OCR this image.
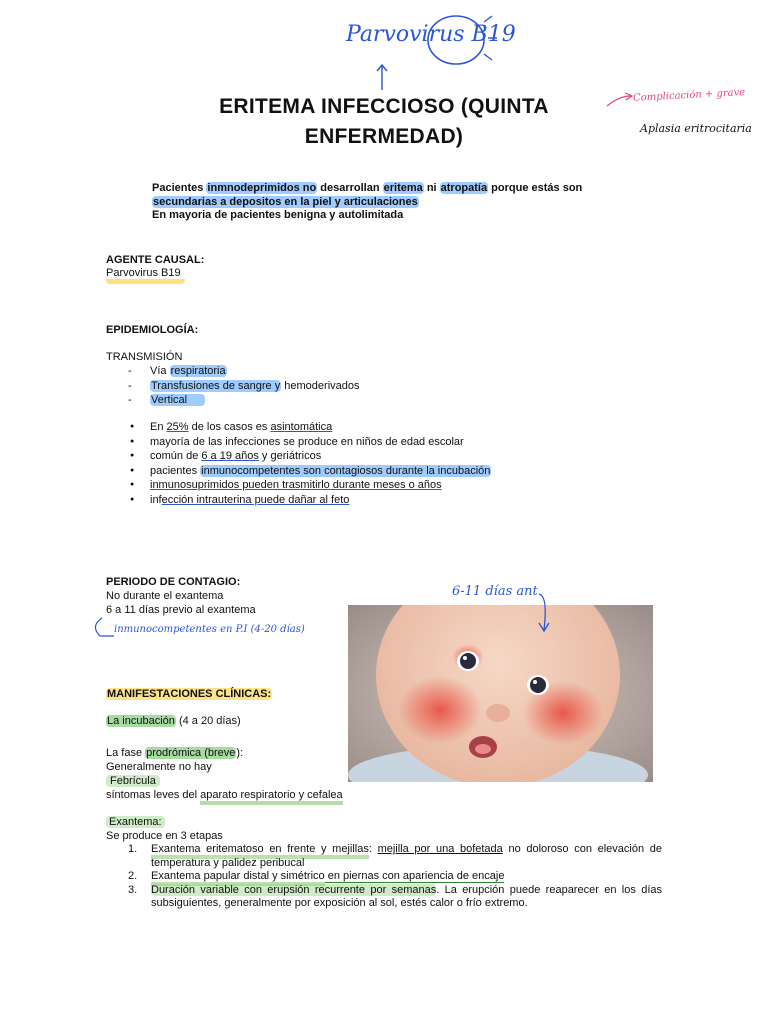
Parvovirus B19
Complicación + grave
Aplasia eritrocitaria
ERITEMA INFECCIOSO (QUINTA
ENFERMEDAD)
Pacientes inmnodeprimidos no desarrollan eritema ni atropatía porque estás son
secundarias a depositos en la piel y articulaciones
En mayoria de pacientes benigna y autolimitada
AGENTE CAUSAL:
Parvovirus B19
EPIDEMIOLOGÍA:
TRANSMISIÓN
- Vía respiratoria
- Transfusiones de sangre y hemoderivados
- Vertical
● En 25% de los casos es asintomática
● mayoría de las infecciones se produce en niños de edad escolar
● común de 6 a 19 años y geriátricos
● pacientes inmunocompetentes son contagiosos durante la incubación
● inmunosuprimidos pueden trasmitirlo durante meses o años
● infección intrauterina puede dañar al feto
PERIODO DE CONTAGIO:
No durante el exantema
6 a 11 días previo al exantema
inmunocompetentes en P.I (4-20 días)
6-11 días ant
MANIFESTACIONES CLÍNICAS:
La incubación (4 a 20 días)
La fase prodrómica (breve):
Generalmente no hay
Febrícula
síntomas leves del aparato respiratorio y cefalea
Exantema:
Se produce en 3 etapas
1. Exantema eritematoso en frente y mejillas: mejilla por una bofetada no doloroso con elevación de temperatura y palidez peribucal
2. Exantema papular distal y simétrico en piernas con apariencia de encaje
3. Duración variable con erupsión recurrente por semanas. La erupción puede reaparecer en los días subsiguientes, generalmente por exposición al sol, estés calor o frío extremo.
